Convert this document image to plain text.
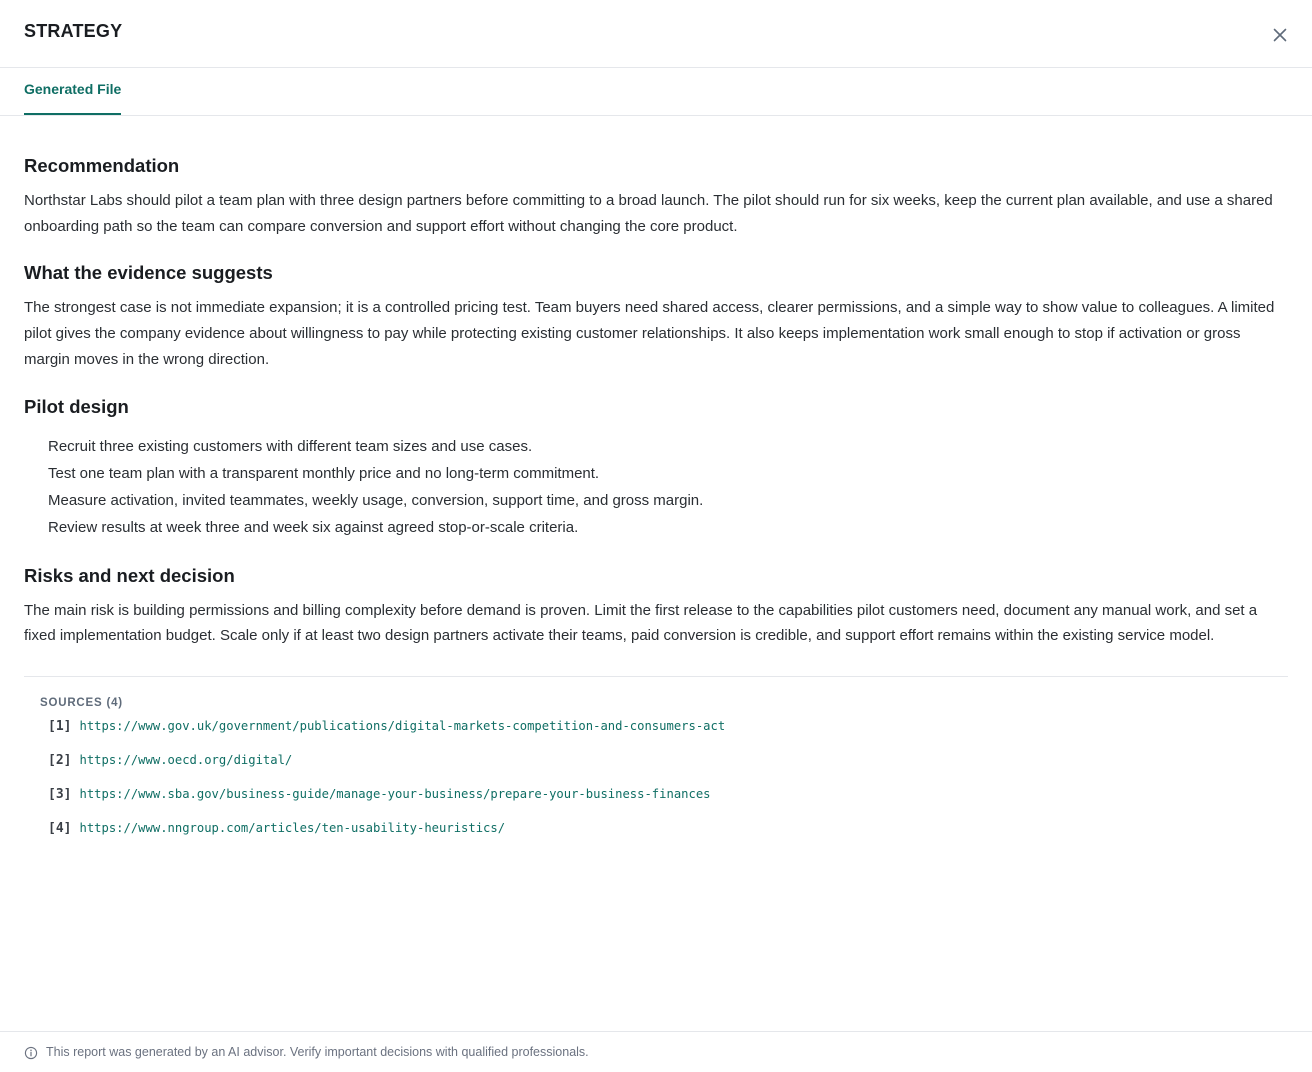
STRATEGY
Generated File
Recommendation

Northstar Labs should pilot a team plan with three design partners before committing to a broad launch. The pilot should run for six weeks, keep the current plan available, and use a shared onboarding path so the team can compare conversion and support effort without changing the core product.

What the evidence suggests

The strongest case is not immediate expansion; it is a controlled pricing test. Team buyers need shared access, clearer permissions, and a simple way to show value to colleagues. A limited pilot gives the company evidence about willingness to pay while protecting existing customer relationships. It also keeps implementation work small enough to stop if activation or gross margin moves in the wrong direction.

Pilot design
Recruit three existing customers with different team sizes and use cases.
Test one team plan with a transparent monthly price and no long-term commitment.
Measure activation, invited teammates, weekly usage, conversion, support time, and gross margin.
Review results at week three and week six against agreed stop-or-scale criteria.
Risks and next decision

The main risk is building permissions and billing complexity before demand is proven. Limit the first release to the capabilities pilot customers need, document any manual work, and set a fixed implementation budget. Scale only if at least two design partners activate their teams, paid conversion is credible, and support effort remains within the existing service model.

SOURCES (4)
[1] https://www.gov.uk/government/publications/digital-markets-competition-and-consumers-act
[2] https://www.oecd.org/digital/
[3] https://www.sba.gov/business-guide/manage-your-business/prepare-your-business-finances
[4] https://www.nngroup.com/articles/ten-usability-heuristics/
This report was generated by an AI advisor. Verify important decisions with qualified professionals.
